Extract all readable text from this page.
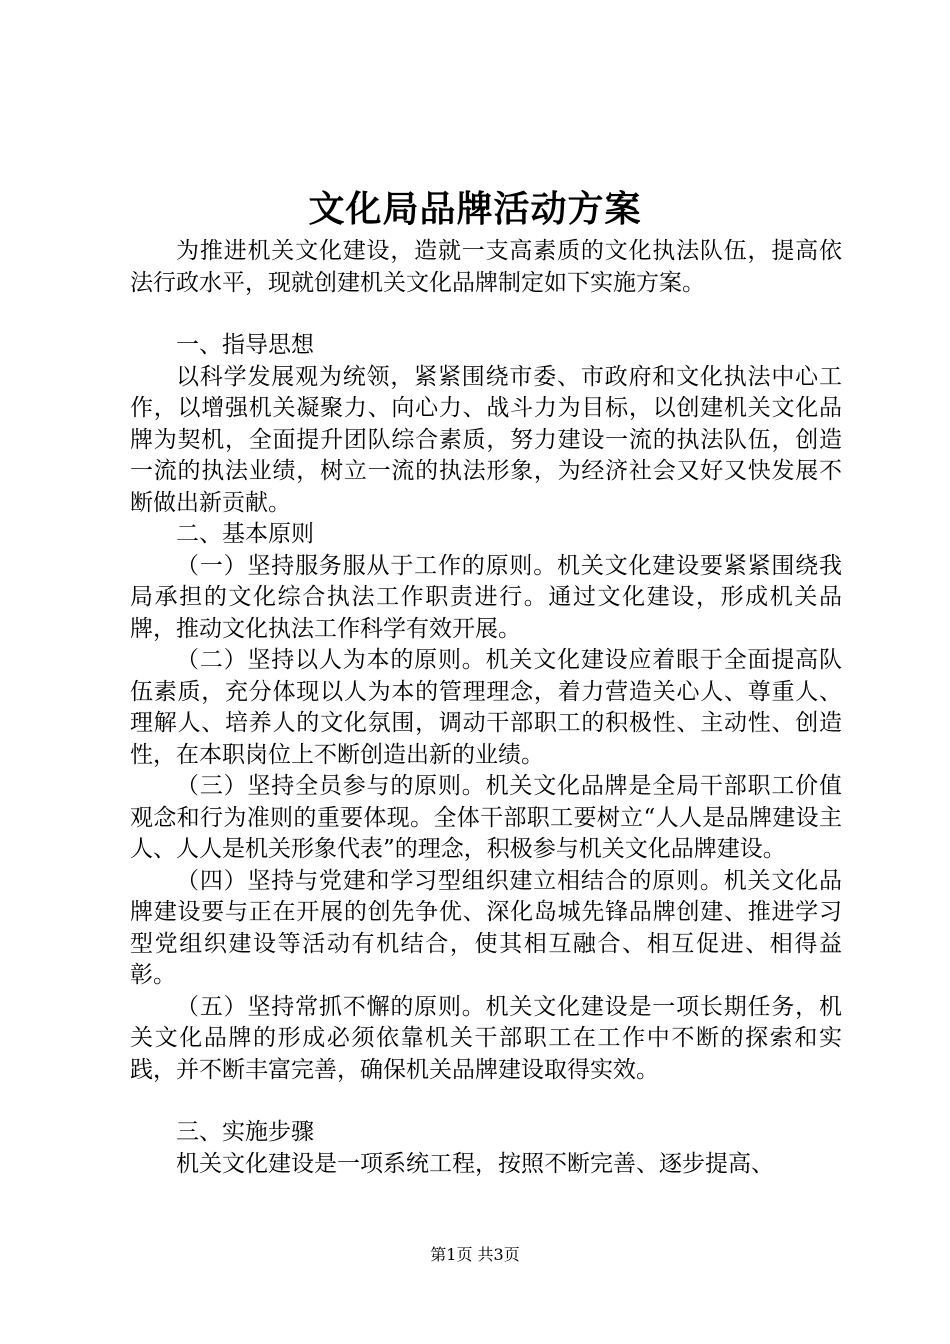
文化局品牌活动方案

为推进机关文化建设，造就一支高素质的文化执法队伍，提高依法行政水平，现就创建机关文化品牌制定如下实施方案。

一、指导思想

以科学发展观为统领，紧紧围绕市委、市政府和文化执法中心工作，以增强机关凝聚力、向心力、战斗力为目标，以创建机关文化品牌为契机，全面提升团队综合素质，努力建设一流的执法队伍，创造一流的执法业绩，树立一流的执法形象，为经济社会又好又快发展不断做出新贡献。

二、基本原则

（一）坚持服务服从于工作的原则。机关文化建设要紧紧围绕我局承担的文化综合执法工作职责进行。通过文化建设，形成机关品牌，推动文化执法工作科学有效开展。

（二）坚持以人为本的原则。机关文化建设应着眼于全面提高队伍素质，充分体现以人为本的管理理念，着力营造关心人、尊重人、理解人、培养人的文化氛围，调动干部职工的积极性、主动性、创造性，在本职岗位上不断创造出新的业绩。

（三）坚持全员参与的原则。机关文化品牌是全局干部职工价值观念和行为准则的重要体现。全体干部职工要树立“人人是品牌建设主人、人人是机关形象代表”的理念，积极参与机关文化品牌建设。

（四）坚持与党建和学习型组织建立相结合的原则。机关文化品牌建设要与正在开展的创先争优、深化岛城先锋品牌创建、推进学习型党组织建设等活动有机结合，使其相互融合、相互促进、相得益彰。

（五）坚持常抓不懈的原则。机关文化建设是一项长期任务，机关文化品牌的形成必须依靠机关干部职工在工作中不断的探索和实践，并不断丰富完善，确保机关品牌建设取得实效。

三、实施步骤

机关文化建设是一项系统工程，按照不断完善、逐步提高、

第1页 共3页
